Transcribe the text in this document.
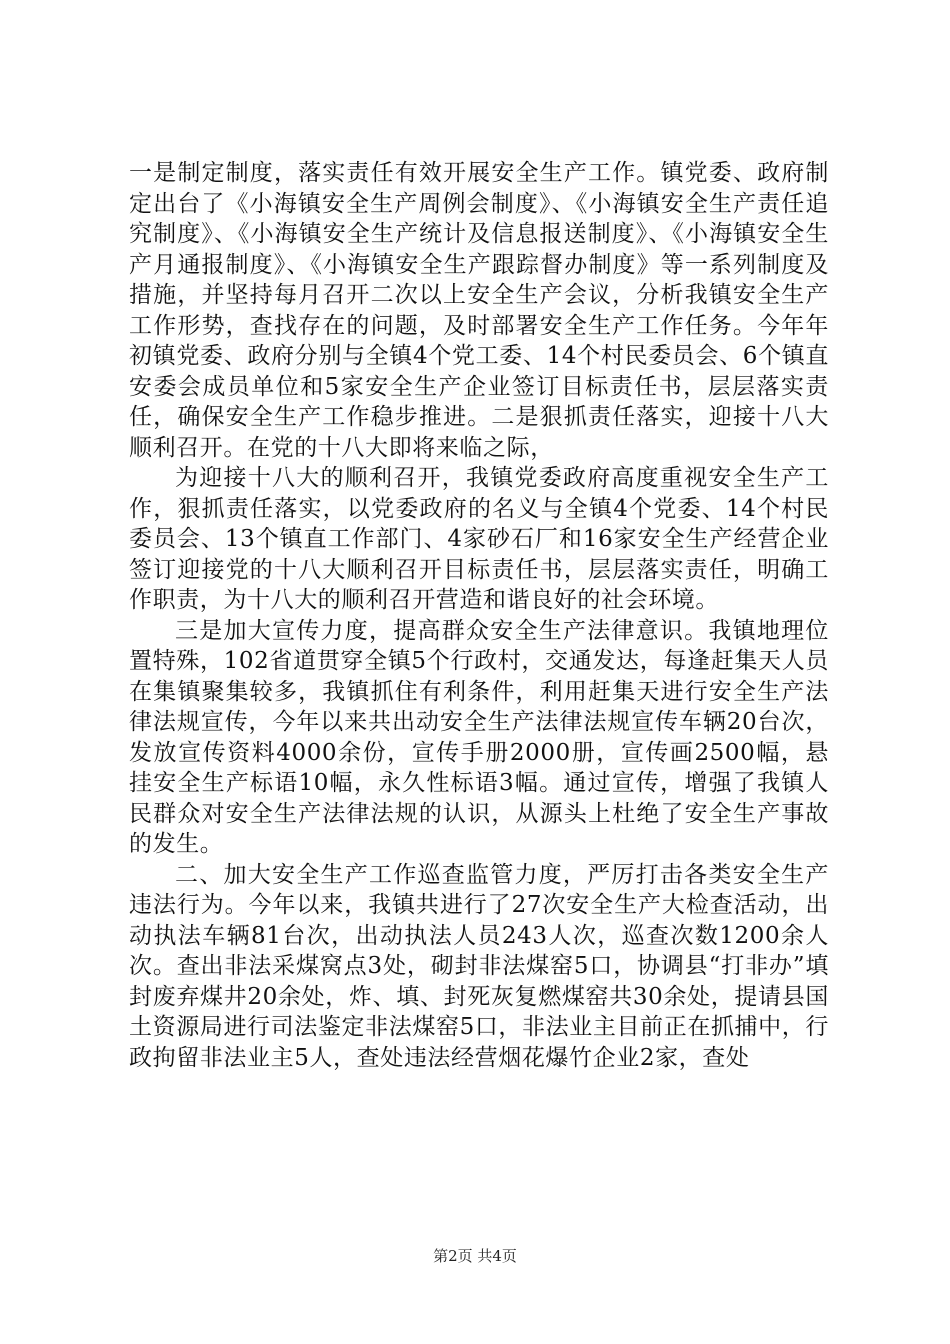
一是制定制度，落实责任有效开展安全生产工作。镇党委、政府制定出台了《小海镇安全生产周例会制度》、《小海镇安全生产责任追究制度》、《小海镇安全生产统计及信息报送制度》、《小海镇安全生产月通报制度》、《小海镇安全生产跟踪督办制度》等一系列制度及措施，并坚持每月召开二次以上安全生产会议，分析我镇安全生产工作形势，查找存在的问题，及时部署安全生产工作任务。今年年初镇党委、政府分别与全镇4个党工委、14个村民委员会、6个镇直安委会成员单位和5家安全生产企业签订目标责任书，层层落实责任，确保安全生产工作稳步推进。二是狠抓责任落实，迎接十八大顺利召开。在党的十八大即将来临之际，

为迎接十八大的顺利召开，我镇党委政府高度重视安全生产工作，狠抓责任落实，以党委政府的名义与全镇4个党委、14个村民委员会、13个镇直工作部门、4家砂石厂和16家安全生产经营企业签订迎接党的十八大顺利召开目标责任书，层层落实责任，明确工作职责，为十八大的顺利召开营造和谐良好的社会环境。

三是加大宣传力度，提高群众安全生产法律意识。我镇地理位置特殊，102省道贯穿全镇5个行政村，交通发达，每逢赶集天人员在集镇聚集较多，我镇抓住有利条件，利用赶集天进行安全生产法律法规宣传，今年以来共出动安全生产法律法规宣传车辆20台次，发放宣传资料4000余份，宣传手册2000册，宣传画2500幅，悬挂安全生产标语10幅，永久性标语3幅。通过宣传，增强了我镇人民群众对安全生产法律法规的认识，从源头上杜绝了安全生产事故的发生。

二、加大安全生产工作巡查监管力度，严厉打击各类安全生产违法行为。今年以来，我镇共进行了27次安全生产大检查活动，出动执法车辆81台次，出动执法人员243人次，巡查次数1200余人次。查出非法采煤窝点3处，砌封非法煤窑5口，协调县“打非办”填封废弃煤井20余处，炸、填、封死灰复燃煤窑共30余处，提请县国土资源局进行司法鉴定非法煤窑5口，非法业主目前正在抓捕中，行政拘留非法业主5人，查处违法经营烟花爆竹企业2家，查处

第2页 共4页
